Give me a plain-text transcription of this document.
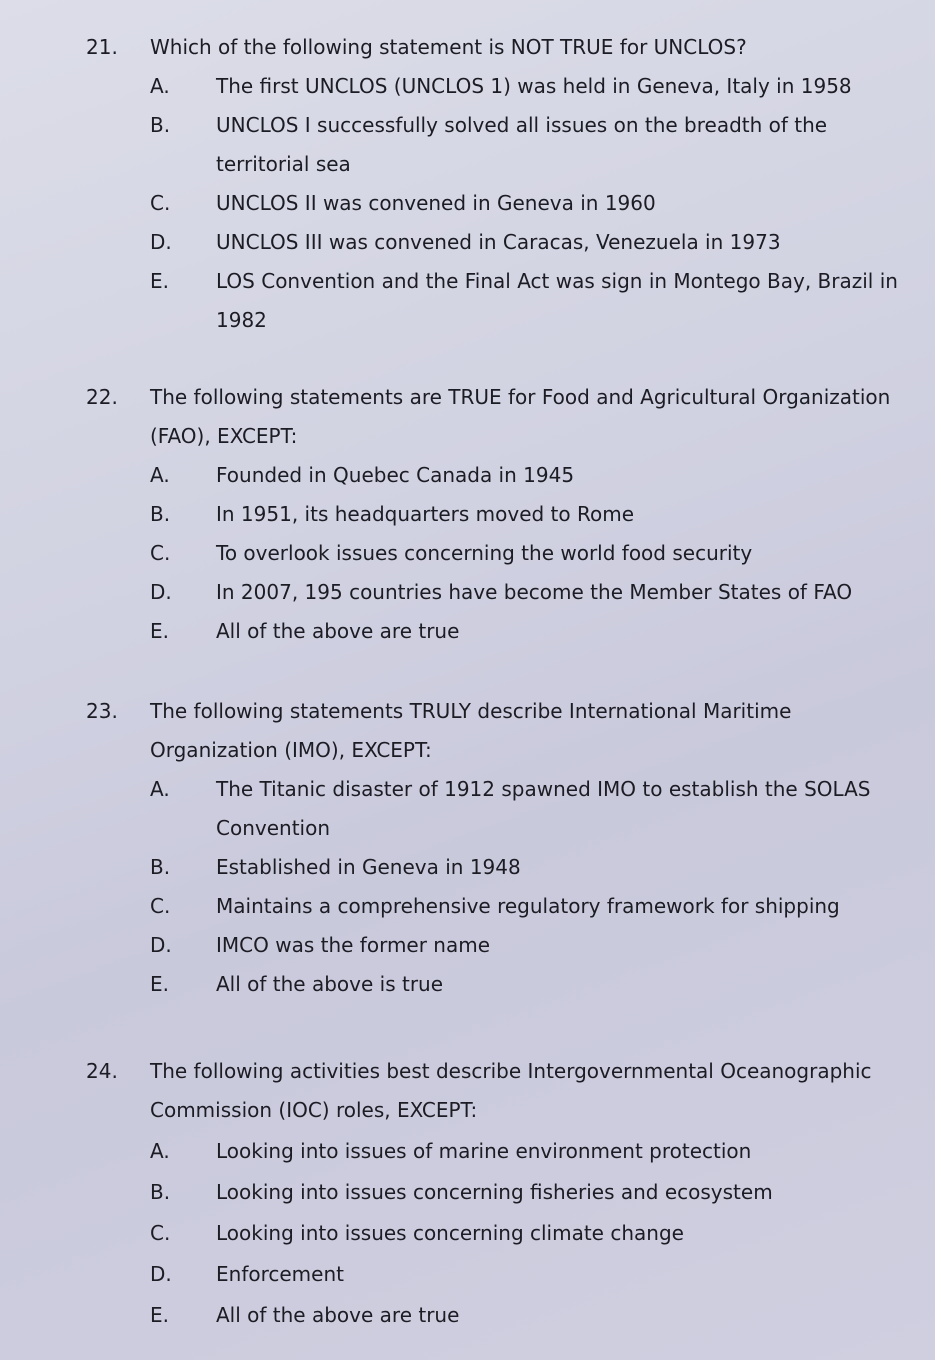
21. Which of the following statement is NOT TRUE for UNCLOS?
A. The first UNCLOS (UNCLOS 1) was held in Geneva, Italy in 1958
B. UNCLOS I successfully solved all issues on the breadth of the territorial sea
C. UNCLOS II was convened in Geneva in 1960
D. UNCLOS III was convened in Caracas, Venezuela in 1973
E. LOS Convention and the Final Act was sign in Montego Bay, Brazil in 1982
22. The following statements are TRUE for Food and Agricultural Organization (FAO), EXCEPT:
A. Founded in Quebec Canada in 1945
B. In 1951, its headquarters moved to Rome
C. To overlook issues concerning the world food security
D. In 2007, 195 countries have become the Member States of FAO
E. All of the above are true
23. The following statements TRULY describe International Maritime Organization (IMO), EXCEPT:
A. The Titanic disaster of 1912 spawned IMO to establish the SOLAS Convention
B. Established in Geneva in 1948
C. Maintains a comprehensive regulatory framework for shipping
D. IMCO was the former name
E. All of the above is true
24. The following activities best describe Intergovernmental Oceanographic Commission (IOC) roles, EXCEPT:
A. Looking into issues of marine environment protection
B. Looking into issues concerning fisheries and ecosystem
C. Looking into issues concerning climate change
D. Enforcement
E. All of the above are true
